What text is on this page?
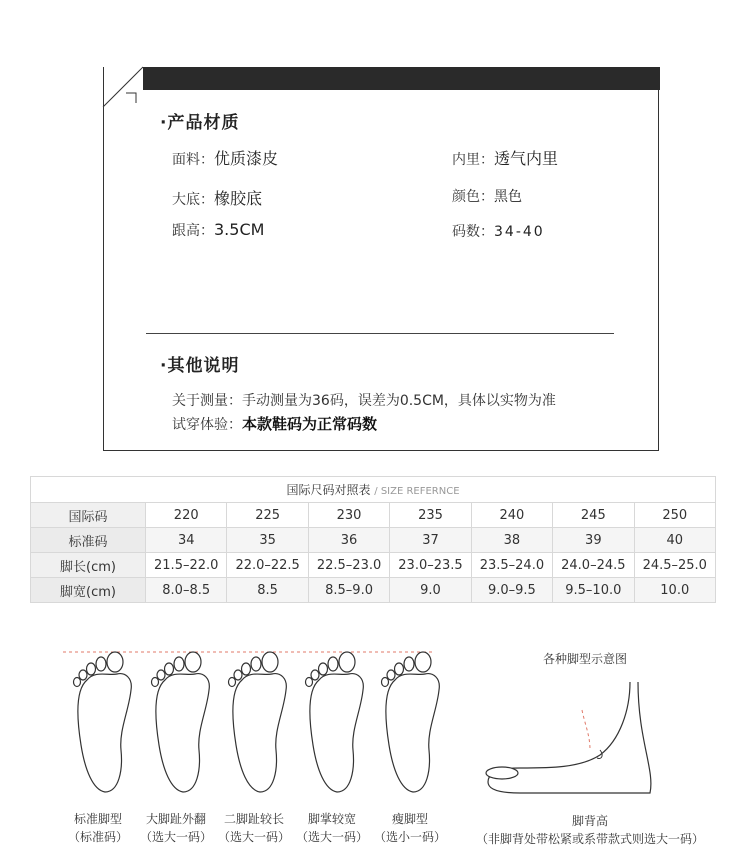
·产品材质
面料：优质漆皮	内里：透气内里
大底：橡胶底	颜色：黑色
跟高：3.5CM	码数：34-40
·其他说明
关于测量：手动测量为36码，误差为0.5CM，具体以实物为准
试穿体验：本款鞋码为正常码数
国际尺码对照表 / SIZE REFERNCE							
国际码	220	225	230	235	240	245	250
标准码	34	35	36	37	38	39	40
脚长(cm)	21.5–22.0	22.0–22.5	22.5–23.0	23.0–23.5	23.5–24.0	24.0–24.5	24.5–25.0
脚宽(cm)	8.0–8.5	8.5	8.5–9.0	9.0	9.0–9.5	9.5–10.0	10.0
标准脚型
（标准码）
大脚趾外翻
（选大一码）
二脚趾较长
（选大一码）
脚掌较宽
（选大一码）
瘦脚型
（选小一码）
各种脚型示意图
脚背高
（非脚背处带松紧或系带款式则选大一码）
